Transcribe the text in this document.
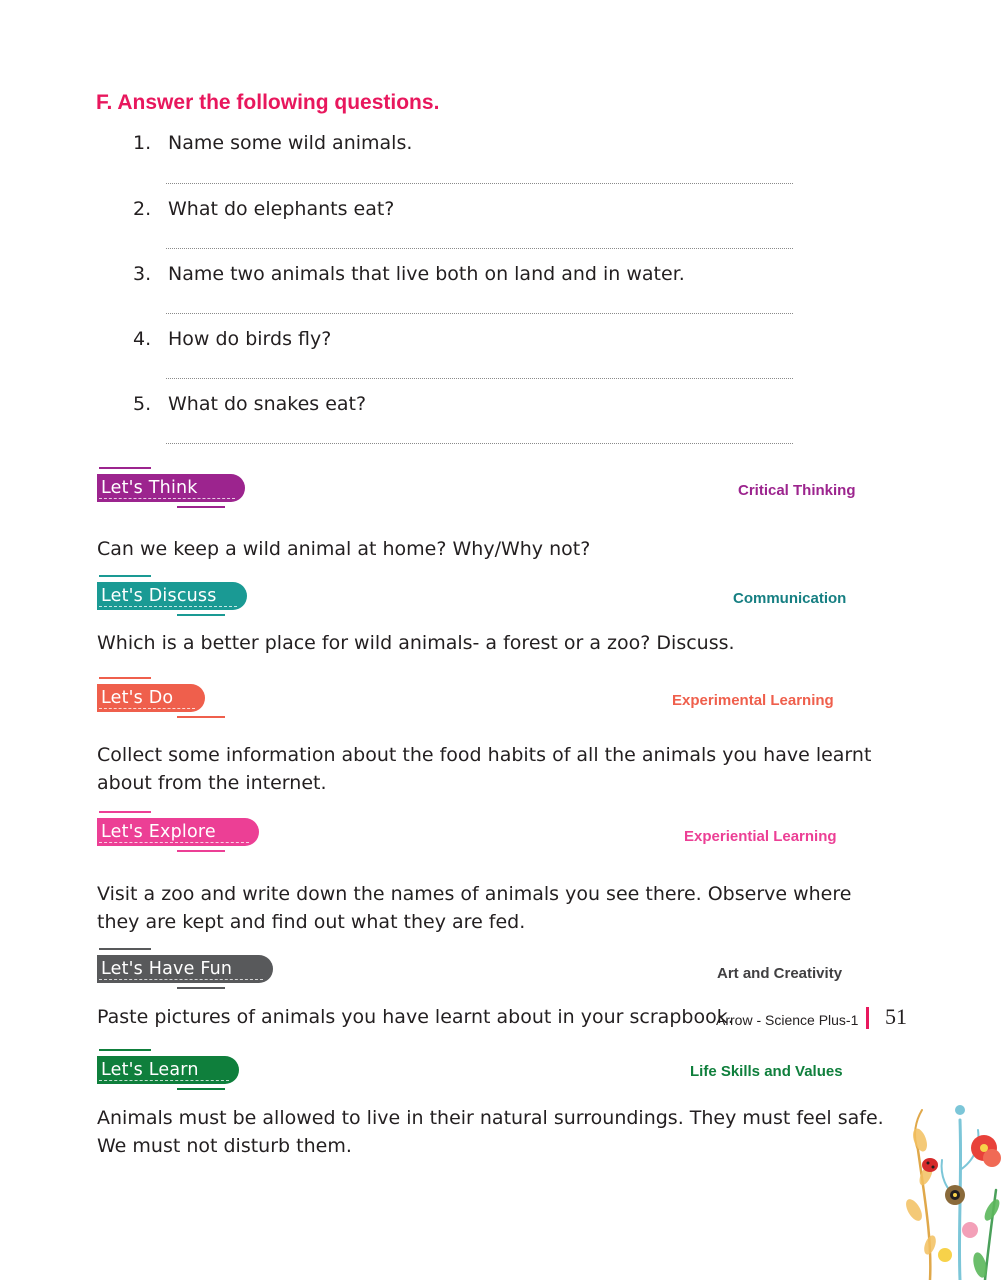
F. Answer the following questions.
1. Name some wild animals.
2. What do elephants eat?
3. Name two animals that live both on land and in water.
4. How do birds fly?
5. What do snakes eat?
Let's Think	Critical Thinking
Can we keep a wild animal at home? Why/Why not?
Let's Discuss	Communication
Which is a better place for wild animals- a forest or a zoo? Discuss.
Let's Do	Experimental Learning
Collect some information about the food habits of all the animals you have learnt about from the internet.
Let's Explore	Experiential Learning
Visit a zoo and write down the names of animals you see there. Observe where they are kept and find out what they are fed.
Let's Have Fun	Art and Creativity
Paste pictures of animals you have learnt about in your scrapbook.
Let's Learn	Life Skills and Values
Animals must be allowed to live in their natural surroundings. They must feel safe. We must not disturb them.
Arrow - Science Plus-1 51
